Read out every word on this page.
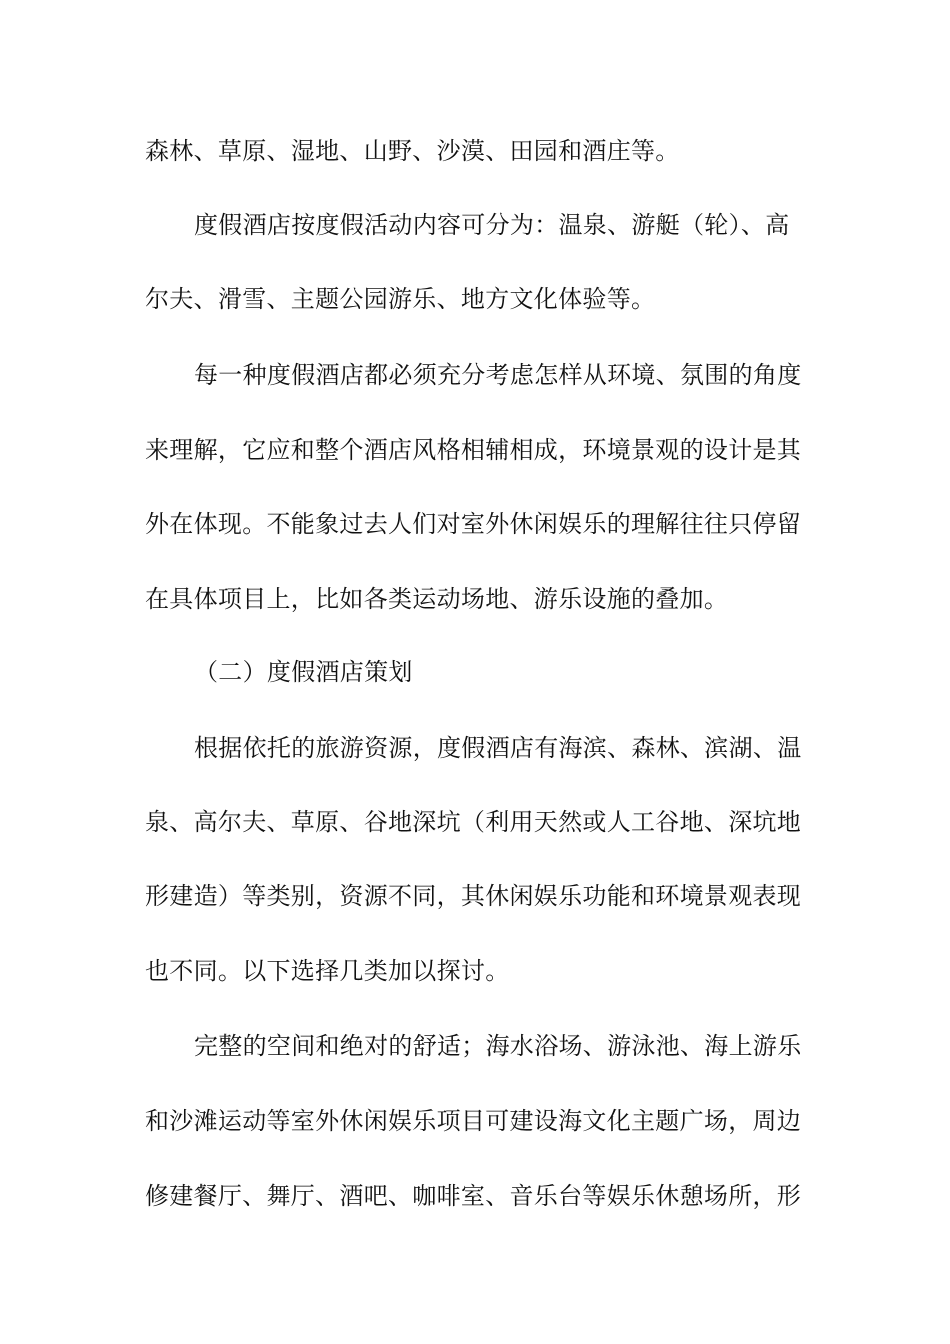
森林、草原、湿地、山野、沙漠、田园和酒庄等。
度假酒店按度假活动内容可分为：温泉、游艇（轮）、高
尔夫、滑雪、主题公园游乐、地方文化体验等。
每一种度假酒店都必须充分考虑怎样从环境、氛围的角度
来理解，它应和整个酒店风格相辅相成，环境景观的设计是其
外在体现。不能象过去人们对室外休闲娱乐的理解往往只停留
在具体项目上，比如各类运动场地、游乐设施的叠加。
（二）度假酒店策划
根据依托的旅游资源，度假酒店有海滨、森林、滨湖、温
泉、高尔夫、草原、谷地深坑（利用天然或人工谷地、深坑地
形建造）等类别，资源不同，其休闲娱乐功能和环境景观表现
也不同。以下选择几类加以探讨。
完整的空间和绝对的舒适；海水浴场、游泳池、海上游乐
和沙滩运动等室外休闲娱乐项目可建设海文化主题广场，周边
修建餐厅、舞厅、酒吧、咖啡室、音乐台等娱乐休憩场所，形
